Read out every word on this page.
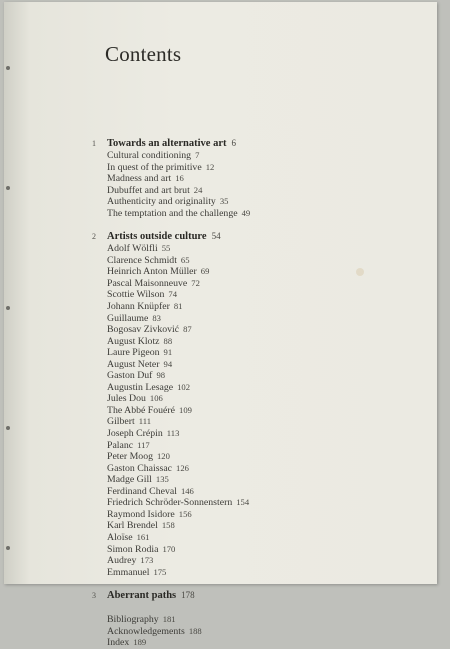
Contents
1	Towards an alternative art 6
Cultural conditioning 7
In quest of the primitive 12
Madness and art 16
Dubuffet and art brut 24
Authenticity and originality 35
The temptation and the challenge 49
2	Artists outside culture 54
Adolf Wölfli 55
Clarence Schmidt 65
Heinrich Anton Müller 69
Pascal Maisonneuve 72
Scottie Wilson 74
Johann Knüpfer 81
Guillaume 83
Bogosav Zivković 87
August Klotz 88
Laure Pigeon 91
August Neter 94
Gaston Duf 98
Augustin Lesage 102
Jules Dou 106
The Abbé Fouéré 109
Gilbert 111
Joseph Crépin 113
Palanc 117
Peter Moog 120
Gaston Chaissac 126
Madge Gill 135
Ferdinand Cheval 146
Friedrich Schröder-Sonnenstern 154
Raymond Isidore 156
Karl Brendel 158
Aloïse 161
Simon Rodia 170
Audrey 173
Emmanuel 175
3	Aberrant paths 178
Bibliography 181
Acknowledgements 188
Index 189
